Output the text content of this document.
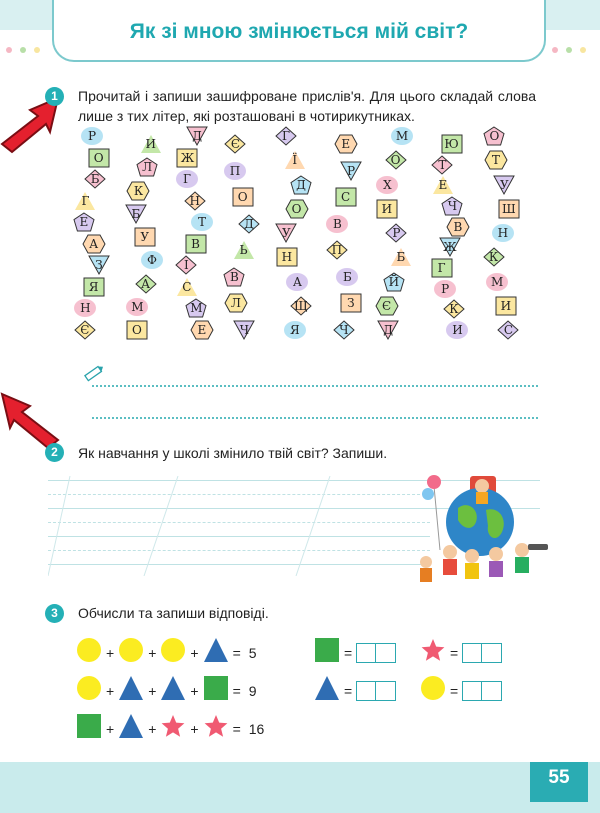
Як зі мною змінюється мій світ?
1	Прочитай і запиши зашифроване прислів'я. Для цього складай слова лише з тих літер, які розташовані в чотирикутниках.
Р
О
Б
Г
Е
А
З
Я
Н
Є
И
Л
К
Б
У
Ф
А
М
О
Д
Ж
Г
Н
Т
В
І
С
М
Е
Є
П
О
Д
Ь
В
Л
Ч
Г
Ї
Д
О
У
Н
А
Щ
Я
Е
Р
С
В
П
Б
З
Ч
М
О
Х
И
Р
Б
Й
Є
Д
Ю
Т
Е
Ч
В
Ж
Г
Р
К
И
О
Т
У
Ш
Н
К
М
И
С
2	Як навчання у школі змінило твій світ? Запиши.
3	Обчисли та запиши відповіді.
+ + + = 5
+ + + = 9
+ + + = 16
=	=
=	=
55
